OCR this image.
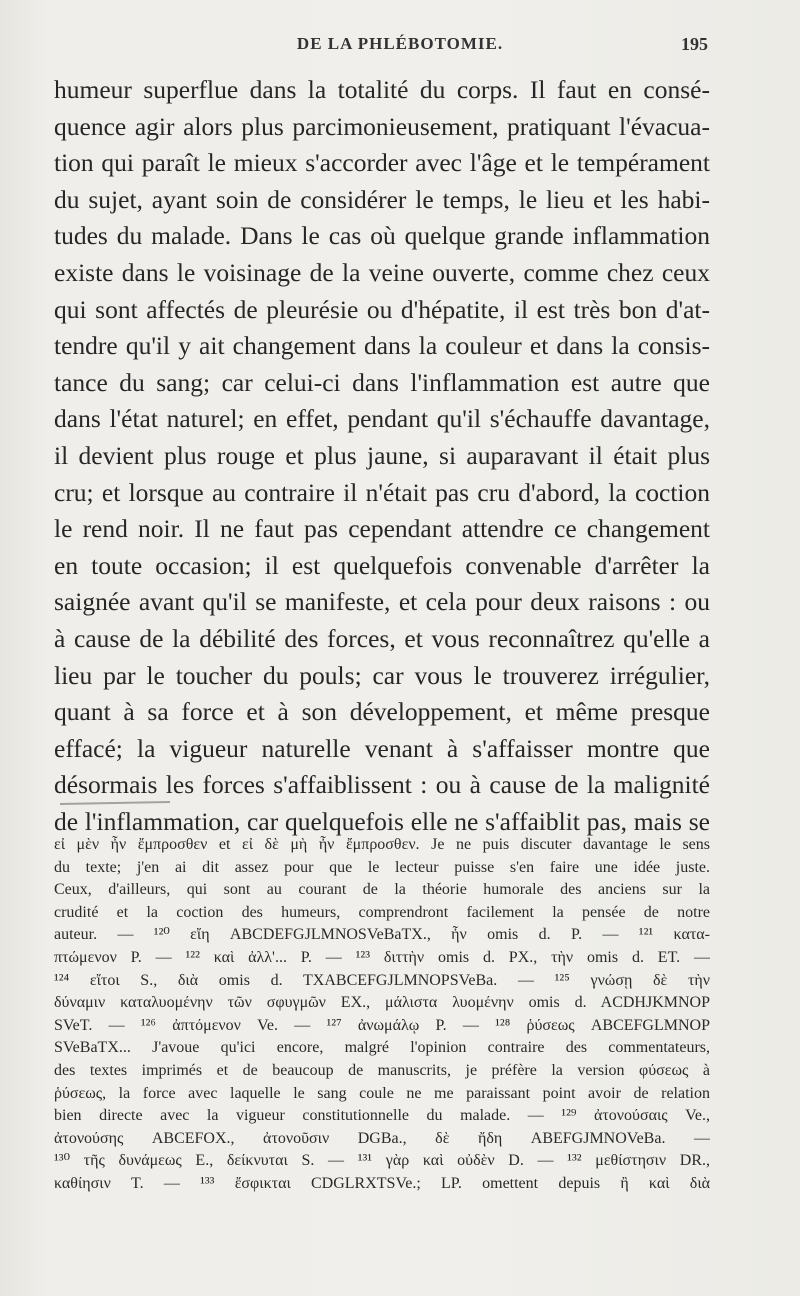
DE LA PHLÉBOTOMIE.	195
humeur superflue dans la totalité du corps. Il faut en consé-
quence agir alors plus parcimonieusement, pratiquant l'évacua-
tion qui paraît le mieux s'accorder avec l'âge et le tempérament
du sujet, ayant soin de considérer le temps, le lieu et les habi-
tudes du malade. Dans le cas où quelque grande inflammation
existe dans le voisinage de la veine ouverte, comme chez ceux
qui sont affectés de pleurésie ou d'hépatite, il est très bon d'at-
tendre qu'il y ait changement dans la couleur et dans la consis-
tance du sang; car celui-ci dans l'inflammation est autre que
dans l'état naturel; en effet, pendant qu'il s'échauffe davantage,
il devient plus rouge et plus jaune, si auparavant il était plus
cru; et lorsque au contraire il n'était pas cru d'abord, la coction
le rend noir. Il ne faut pas cependant attendre ce changement
en toute occasion; il est quelquefois convenable d'arrêter la
saignée avant qu'il se manifeste, et cela pour deux raisons : ou
à cause de la débilité des forces, et vous reconnaîtrez qu'elle a
lieu par le toucher du pouls; car vous le trouverez irrégulier,
quant à sa force et à son développement, et même presque
effacé; la vigueur naturelle venant à s'affaisser montre que
désormais les forces s'affaiblissent : ou à cause de la malignité
de l'inflammation, car quelquefois elle ne s'affaiblit pas, mais se
εἰ μὲν ἦν ἔμπροσθεν et εἰ δὲ μὴ ἦν ἔμπροσθεν. Je ne puis discuter davantage le sens
du texte; j'en ai dit assez pour que le lecteur puisse s'en faire une idée juste.
Ceux, d'ailleurs, qui sont au courant de la théorie humorale des anciens sur la
crudité et la coction des humeurs, comprendront facilement la pensée de notre
auteur. — ¹²⁰ εἴη ABCDEFGJLMNOSVeBaTX., ἦν omis d. P. — ¹²¹ κατα-
πτώμενον P. — ¹²² καὶ ἀλλ'... P. — ¹²³ διττὴν omis d. PX., τὴν omis d. ET. —
¹²⁴ εἴτοι S., διὰ omis d. TXABCEFGJLMNOPSVeBa. — ¹²⁵ γνώσῃ δὲ τὴν
δύναμιν καταλυομένην τῶν σφυγμῶν EX., μάλιστα λυομένην omis d. ACDHJKMNOP
SVeT. — ¹²⁶ ἀπτόμενον Ve. — ¹²⁷ ἀνωμάλῳ P. — ¹²⁸ ῥύσεως ABCEFGLMNOP
SVeBaTX... J'avoue qu'ici encore, malgré l'opinion contraire des commentateurs,
des textes imprimés et de beaucoup de manuscrits, je préfère la version φύσεως à
ῥύσεως, la force avec laquelle le sang coule ne me paraissant point avoir de relation
bien directe avec la vigueur constitutionnelle du malade. — ¹²⁹ ἀτονούσαις Ve.,
ἀτονούσης ABCEFOX., ἀτονοῦσιν DGBa., δὲ ἤδη ABEFGJMNOVeBa. —
¹³⁰ τῆς δυνάμεως E., δείκνυται S. — ¹³¹ γὰρ καὶ οὐδὲν D. — ¹³² μεθίστησιν DR.,
καθίησιν T. — ¹³³ ἔσφικται CDGLRXTSVe.; LP. omettent depuis ἢ καὶ διὰ
